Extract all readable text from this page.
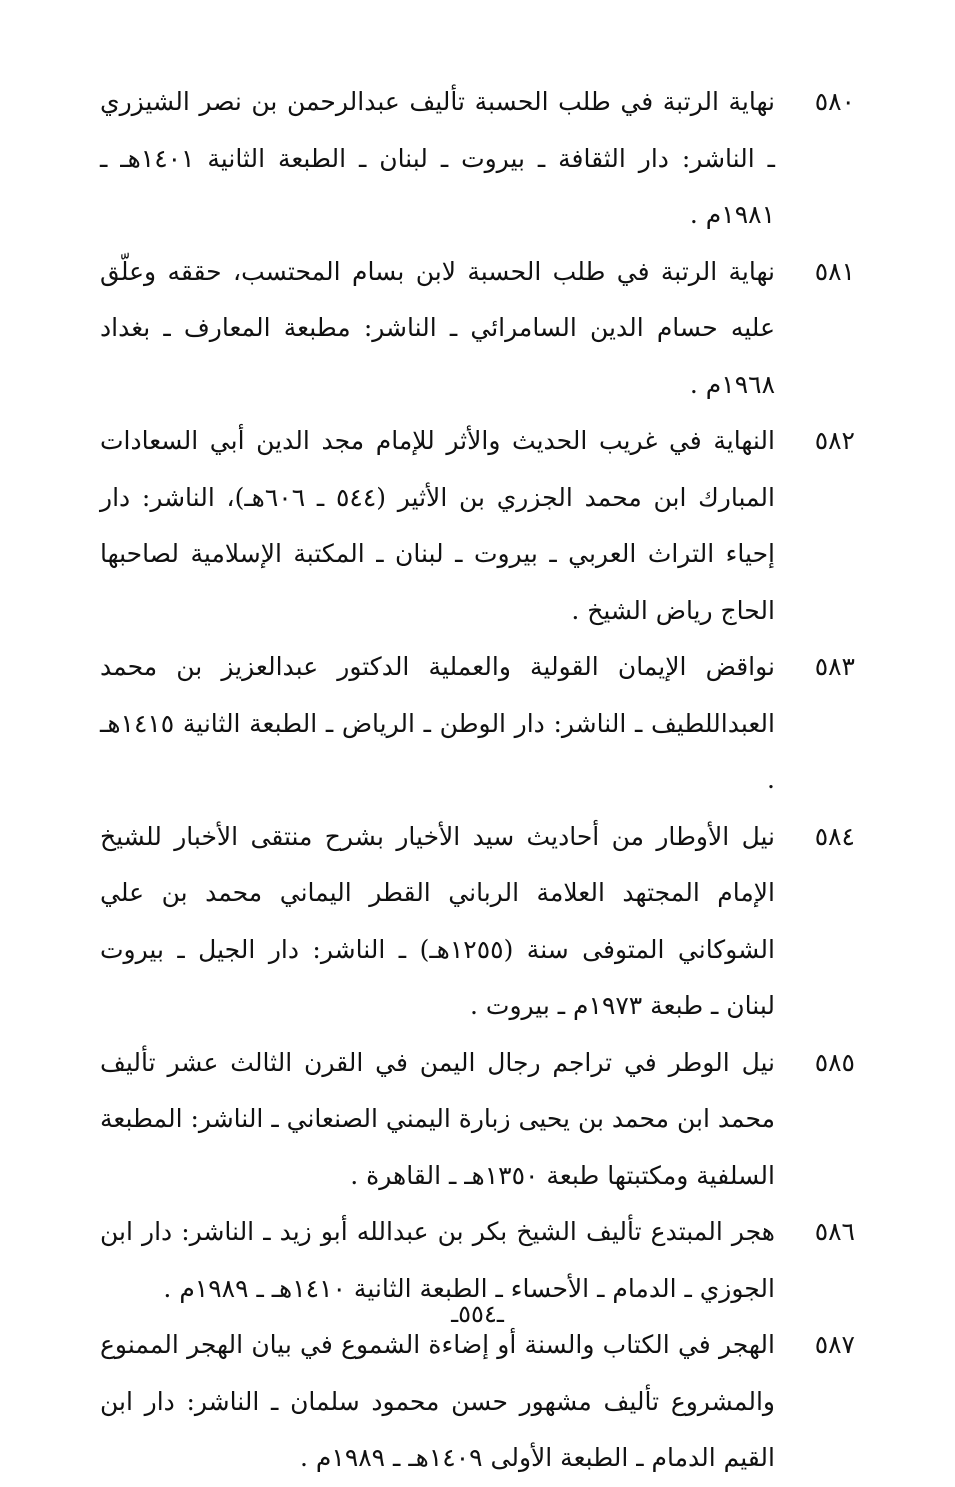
٥٨٠
نهاية الرتبة في طلب الحسبة تأليف عبدالرحمن بن نصر الشيزري ـ الناشر: دار الثقافة ـ بيروت ـ لبنان ـ الطبعة الثانية ١٤٠١هـ ـ ١٩٨١م .
٥٨١
نهاية الرتبة في طلب الحسبة لابن بسام المحتسب، حققه وعلّق عليه حسام الدين السامرائي ـ الناشر: مطبعة المعارف ـ بغداد ١٩٦٨م .
٥٨٢
النهاية في غريب الحديث والأثر للإمام مجد الدين أبي السعادات المبارك ابن محمد الجزري بن الأثير (٥٤٤ ـ ٦٠٦هـ)، الناشر: دار إحياء التراث العربي ـ بيروت ـ لبنان ـ المكتبة الإسلامية لصاحبها الحاج رياض الشيخ .
٥٨٣
نواقض الإيمان القولية والعملية الدكتور عبدالعزيز بن محمد العبداللطيف ـ الناشر: دار الوطن ـ الرياض ـ الطبعة الثانية ١٤١٥هـ .
٥٨٤
نيل الأوطار من أحاديث سيد الأخيار بشرح منتقى الأخبار للشيخ الإمام المجتهد العلامة الرباني القطر اليماني محمد بن علي الشوكاني المتوفى سنة (١٢٥٥هـ) ـ الناشر: دار الجيل ـ بيروت لبنان ـ طبعة ١٩٧٣م ـ بيروت .
٥٨٥
نيل الوطر في تراجم رجال اليمن في القرن الثالث عشر تأليف محمد ابن محمد بن يحيى زبارة اليمني الصنعاني ـ الناشر: المطبعة السلفية ومكتبتها طبعة ١٣٥٠هـ ـ القاهرة .
٥٨٦
هجر المبتدع تأليف الشيخ بكر بن عبدالله أبو زيد ـ الناشر: دار ابن الجوزي ـ الدمام ـ الأحساء ـ الطبعة الثانية ١٤١٠هـ ـ ١٩٨٩م .
٥٨٧
الهجر في الكتاب والسنة أو إضاءة الشموع في بيان الهجر الممنوع والمشروع تأليف مشهور حسن محمود سلمان ـ الناشر: دار ابن القيم الدمام ـ الطبعة الأولى ١٤٠٩هـ ـ ١٩٨٩م .
ـ٥٥٤ـ
